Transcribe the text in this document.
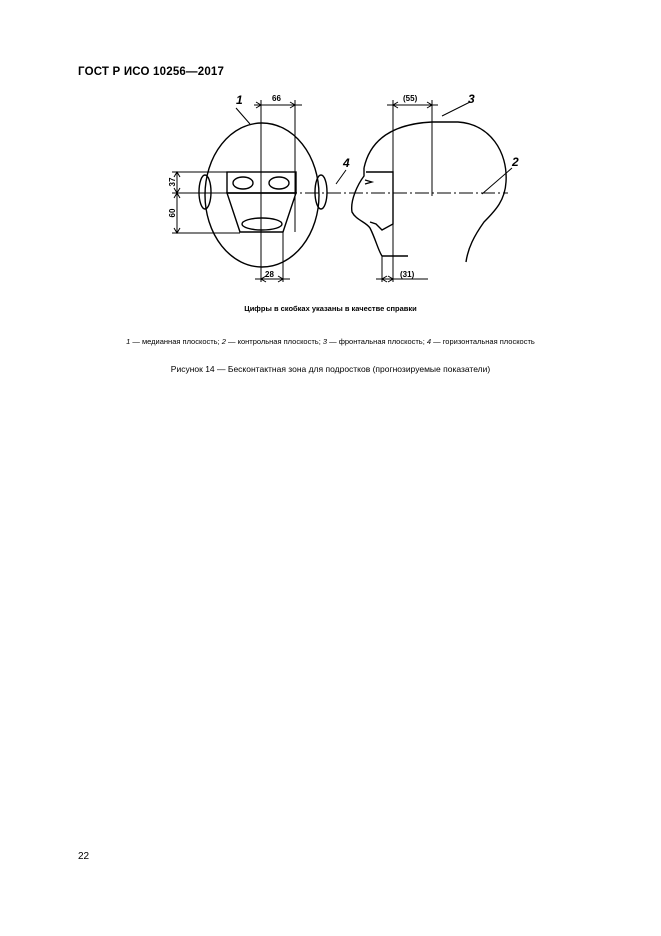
ГОСТ Р ИСО 10256—2017
66
37
60
28
(55)
(31)
1	3
2
4
Цифры в скобках указаны в качестве справки
1 — медианная плоскость; 2 — контрольная плоскость; 3 — фронтальная плоскость; 4 — горизонтальная плоскость
Рисунок 14 — Бесконтактная зона для подростков (прогнозируемые показатели)
22
